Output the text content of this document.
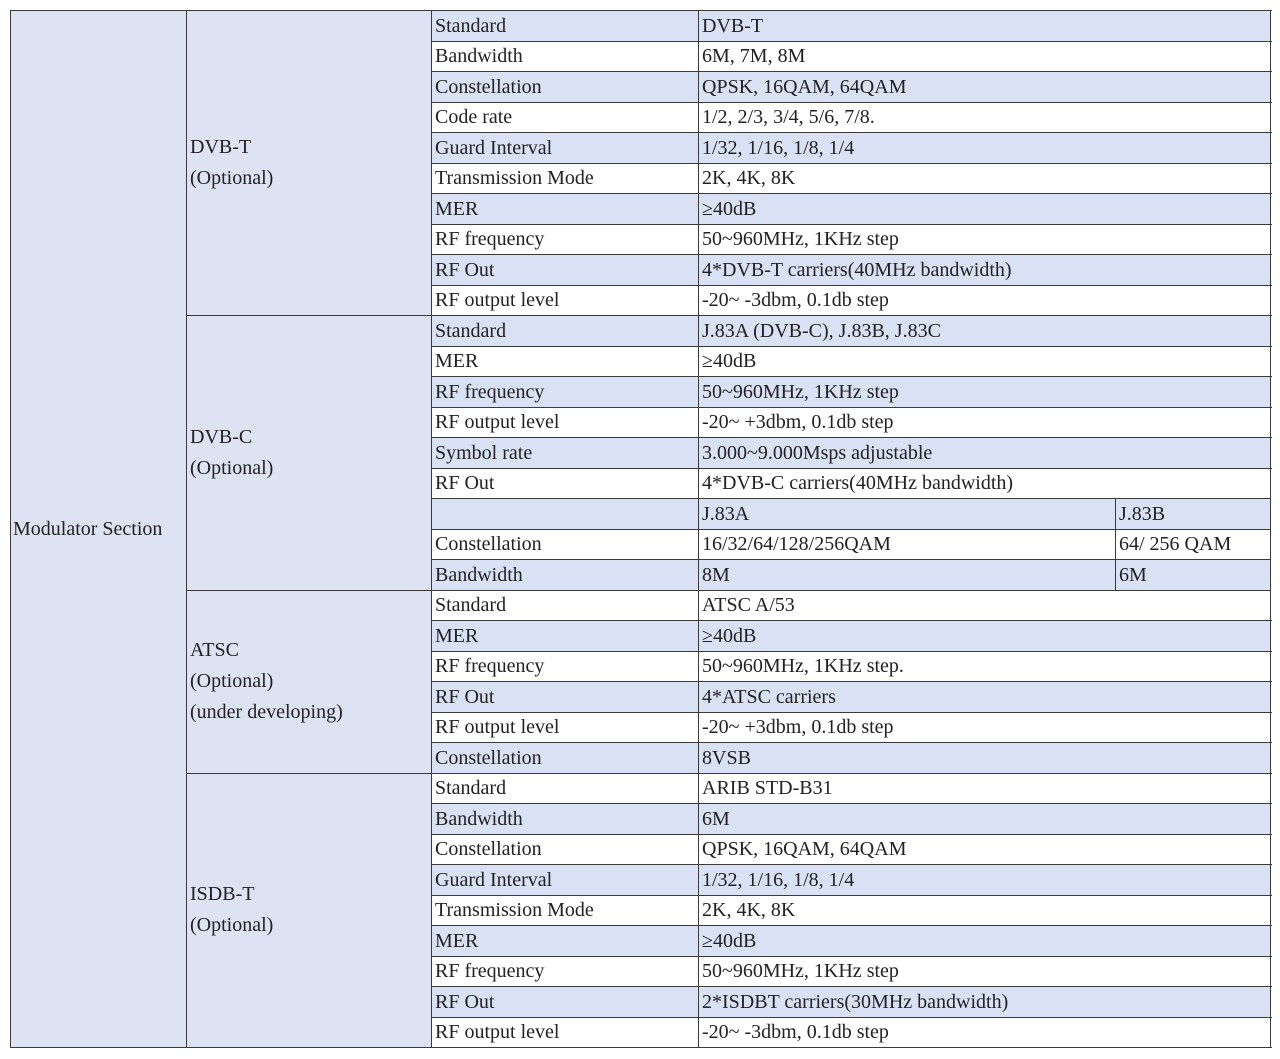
Modulator Section	DVB-T
(Optional)	Standard	DVB-T		
		Bandwidth	6M, 7M, 8M		
		Constellation	QPSK, 16QAM, 64QAM		
		Code rate	1/2, 2/3, 3/4, 5/6, 7/8.		
		Guard Interval	1/32, 1/16, 1/8, 1/4		
		Transmission Mode	2K, 4K, 8K		
		MER	≥40dB		
		RF frequency	50~960MHz, 1KHz step		
		RF Out	4*DVB-T carriers(40MHz bandwidth)		
		RF output level	-20~ -3dbm, 0.1db step		

	DVB-C
(Optional)	Standard	J.83A (DVB-C), J.83B, J.83C		
		MER	≥40dB		
		RF frequency	50~960MHz, 1KHz step		
		RF output level	-20~ +3dbm, 0.1db step		
		Symbol rate	3.000~9.000Msps adjustable		
		RF Out	4*DVB-C carriers(40MHz bandwidth)		
			J.83A	J.83B	
		Constellation	16/32/64/128/256QAM	64/ 256 QAM	
		Bandwidth	8M	6M	

	ATSC
(Optional)
(under developing)	Standard	ATSC A/53		
		MER	≥40dB		
		RF frequency	50~960MHz, 1KHz step.		
		RF Out	4*ATSC carriers		
		RF output level	-20~ +3dbm, 0.1db step		
		Constellation	8VSB		

	ISDB-T
(Optional)	Standard	ARIB STD-B31		
		Bandwidth	6M		
		Constellation	QPSK, 16QAM, 64QAM		
		Guard Interval	1/32, 1/16, 1/8, 1/4		
		Transmission Mode	2K, 4K, 8K		
		MER	≥40dB		
		RF frequency	50~960MHz, 1KHz step		
		RF Out	2*ISDBT carriers(30MHz bandwidth)		
		RF output level	-20~ -3dbm, 0.1db step		
